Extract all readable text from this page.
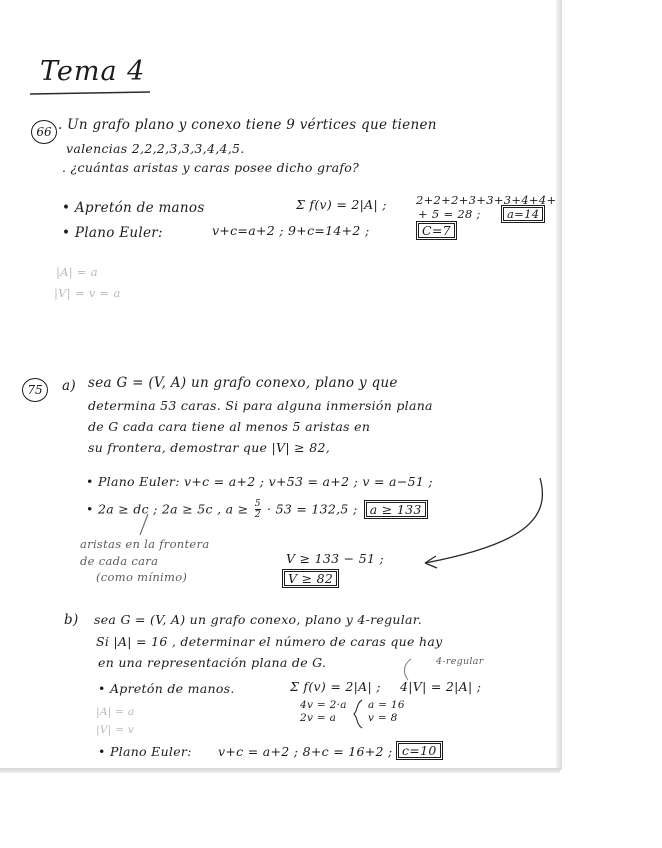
Tema 4
66 . Un grafo plano y conexo tiene 9 vértices que tienen
valencias 2,2,2,3,3,3,4,4,5.
. ¿cuántas aristas y caras posee dicho grafo?
• Apretón de manos	Σ f(v) = 2|A| ;	2+2+2+3+3+3+4+4+
+ 5 = 28 ;	a=14
• Plano Euler:	v+c=a+2 ; 9+c=14+2 ;	C=7
|A| = a
|V| = v = a
75	a) sea G = (V, A) un grafo conexo, plano y que
determina 53 caras. Si para alguna inmersión plana
de G cada cara tiene al menos 5 aristas en
su frontera, demostrar que |V| ≥ 82,
• Plano Euler: v+c = a+2 ; v+53 = a+2 ; v = a−51 ;
• 2a ≥ dc ; 2a ≥ 5c , $a \ge \frac{5}{2} \cdot 53 = 132,5$ ; a ≥ 133
aristas en la frontera
de cada cara
(como mínimo)
V ≥ 133 − 51 ;
V ≥ 82
b) sea G = (V, A) un grafo conexo, plano y 4-regular.
Si |A| = 16 , determinar el número de caras que hay
en una representación plana de G.	4-regular
• Apretón de manos.	Σ f(v) = 2|A| ; 4|V| = 2|A| ;
4v = 2·a
2v = a
a = 16
v = 8
|A| = a
|V| = v
• Plano Euler: v+c = a+2 ; 8+c = 16+2 ; c=10
